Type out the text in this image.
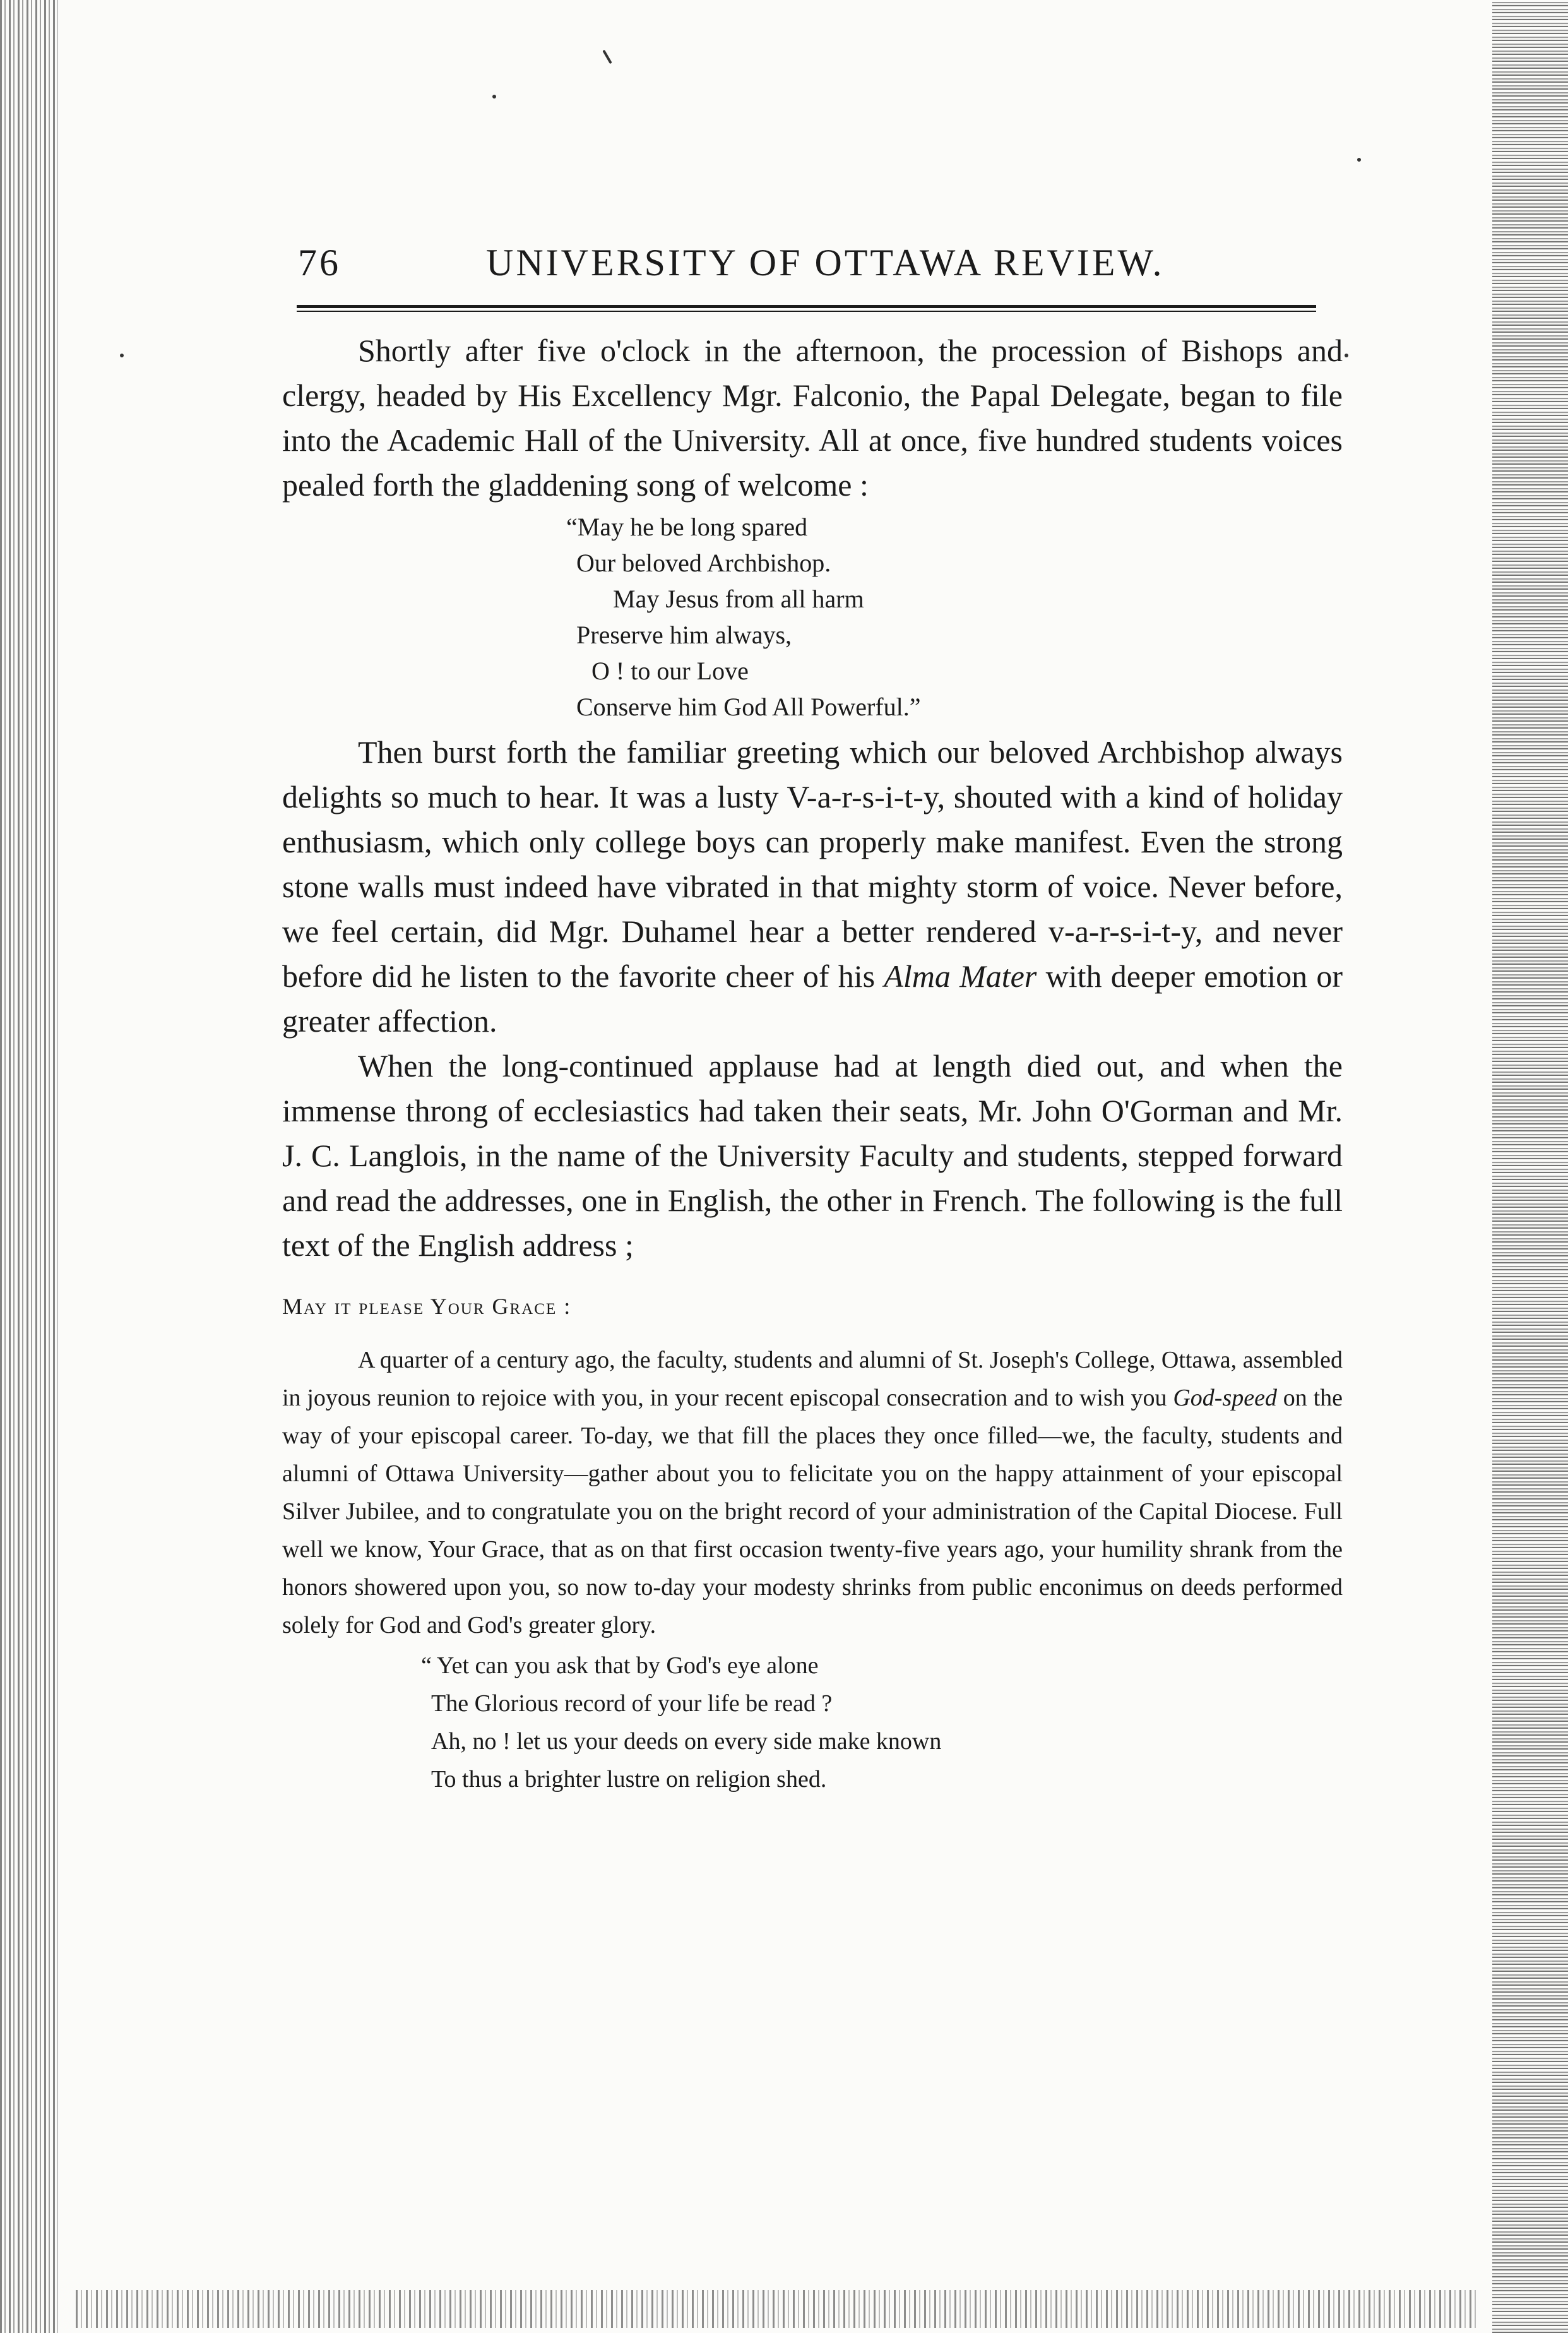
76	UNIVERSITY OF OTTAWA REVIEW.

Shortly after five o'clock in the afternoon, the procession of Bishops and clergy, headed by His Excellency Mgr. Falconio, the Papal Delegate, began to file into the Academic Hall of the University. All at once, five hundred students voices pealed forth the gladdening song of welcome :

“May he be long spared
Our beloved Archbishop.
May Jesus from all harm
Preserve him always,
O ! to our Love
Conserve him God All Powerful.”

Then burst forth the familiar greeting which our beloved Archbishop always delights so much to hear. It was a lusty V-a-r-s-i-t-y, shouted with a kind of holiday enthusiasm, which only college boys can properly make manifest. Even the strong stone walls must indeed have vibrated in that mighty storm of voice. Never before, we feel certain, did Mgr. Duhamel hear a better rendered v-a-r-s-i-t-y, and never before did he listen to the favorite cheer of his Alma Mater with deeper emotion or greater affection.

When the long-continued applause had at length died out, and when the immense throng of ecclesiastics had taken their seats, Mr. John O'Gorman and Mr. J. C. Langlois, in the name of the University Faculty and students, stepped forward and read the addresses, one in English, the other in French. The following is the full text of the English address ;

May it please Your Grace :
A quarter of a century ago, the faculty, students and alumni of St. Joseph's College, Ottawa, assembled in joyous reunion to rejoice with you, in your recent episcopal consecration and to wish you God-speed on the way of your episcopal career. To-day, we that fill the places they once filled—we, the faculty, students and alumni of Ottawa University—gather about you to felicitate you on the happy attainment of your episcopal Silver Jubilee, and to congratulate you on the bright record of your administration of the Capital Diocese. Full well we know, Your Grace, that as on that first occasion twenty-five years ago, your humility shrank from the honors showered upon you, so now to-day your modesty shrinks from public enconimus on deeds performed solely for God and God's greater glory.
“ Yet can you ask that by God's eye alone
The Glorious record of your life be read ?
Ah, no ! let us your deeds on every side make known
To thus a brighter lustre on religion shed.
